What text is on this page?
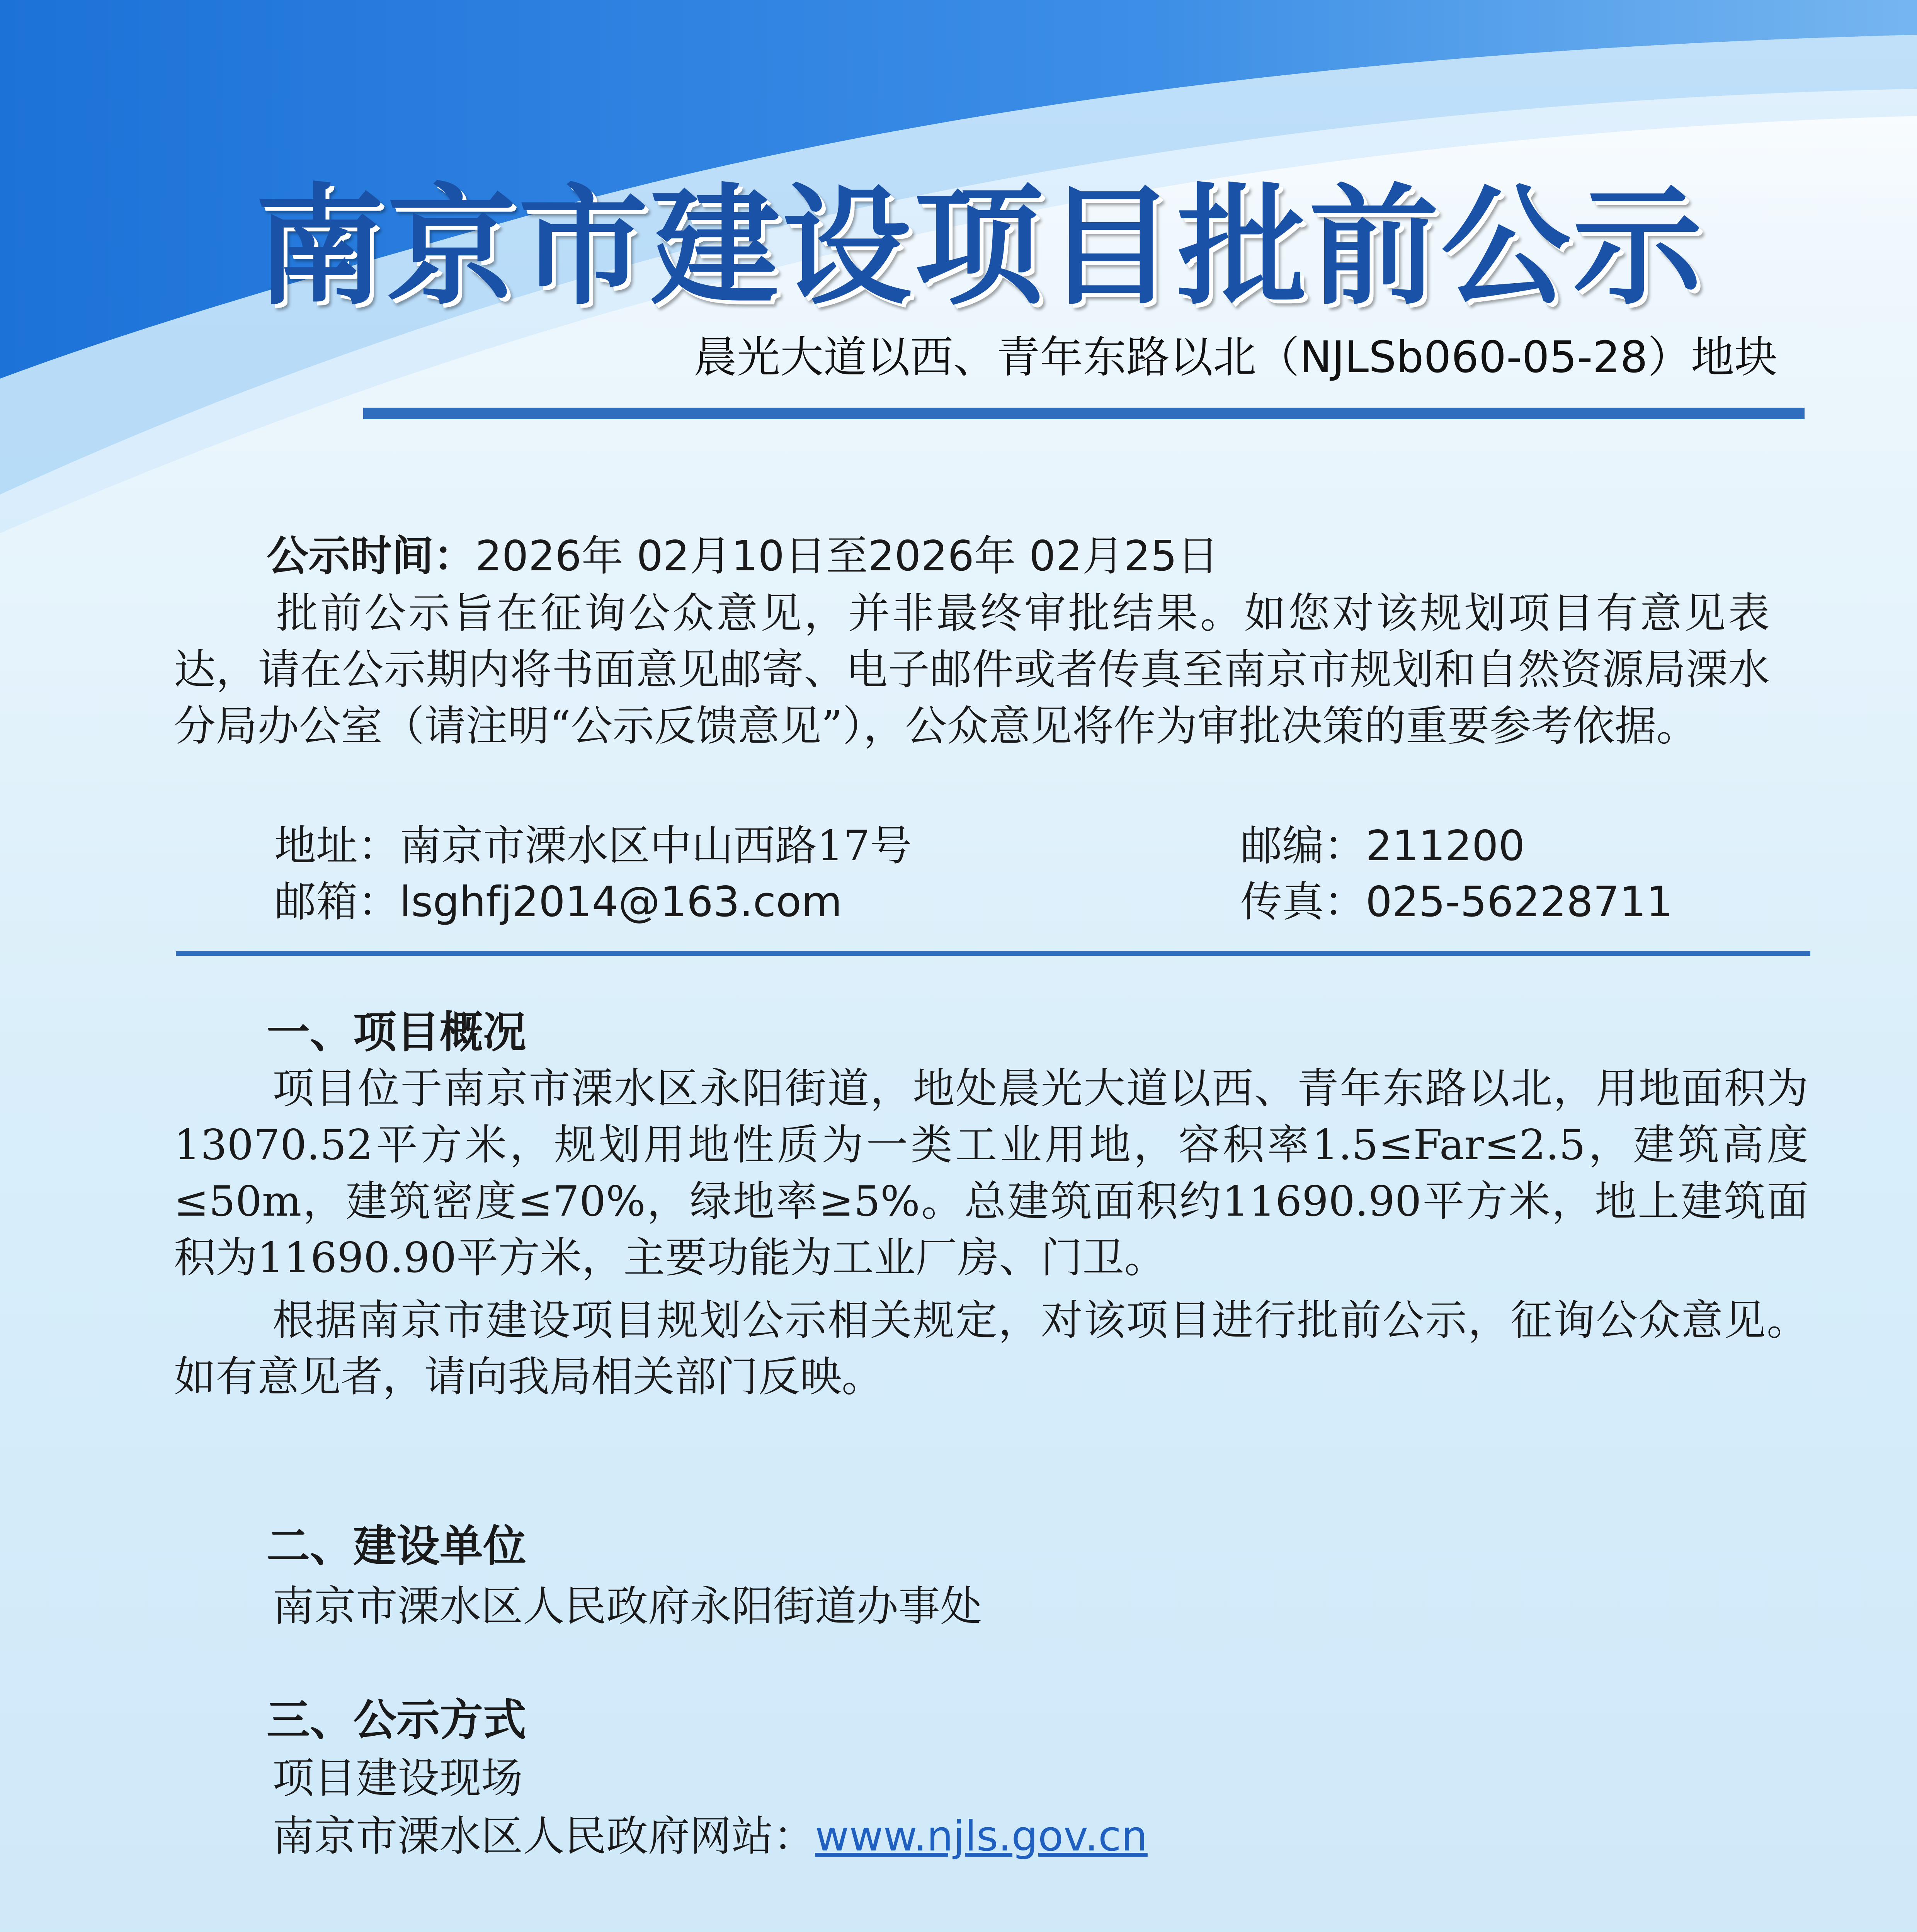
南京市建设项目批前公示
晨光大道以西、青年东路以北（NJLSb060-05-28）地块
公示时间：2026年 02月10日至2026年 02月25日
批前公示旨在征询公众意见，并非最终审批结果。如您对该规划项目有意见表达，请在公示期内将书面意见邮寄、电子邮件或者传真至南京市规划和自然资源局溧水分局办公室（请注明“公示反馈意见”），公众意见将作为审批决策的重要参考依据。
地址：南京市溧水区中山西路17号	邮编：211200
邮箱：lsghfj2014@163.com	传真：025-56228711
一、项目概况
项目位于南京市溧水区永阳街道，地处晨光大道以西、青年东路以北，用地面积为13070.52平方米，规划用地性质为一类工业用地，容积率1.5≤Far≤2.5，建筑高度≤50m，建筑密度≤70%，绿地率≥5%。总建筑面积约11690.90平方米，地上建筑面积为11690.90平方米，主要功能为工业厂房、门卫。
根据南京市建设项目规划公示相关规定，对该项目进行批前公示，征询公众意见。如有意见者，请向我局相关部门反映。
二、建设单位
南京市溧水区人民政府永阳街道办事处
三、公示方式
项目建设现场
南京市溧水区人民政府网站：www.njls.gov.cn
